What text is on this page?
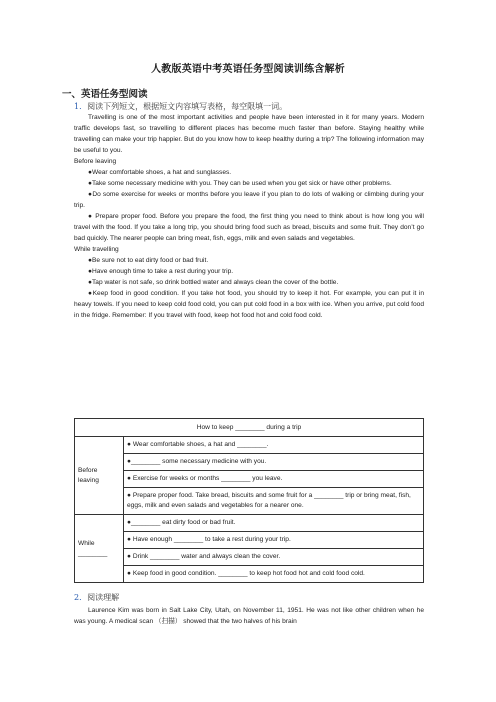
人教版英语中考英语任务型阅读训练含解析
一、英语任务型阅读
1．阅读下列短文，根据短文内容填写表格，每空限填一词。

Travelling is one of the most important activities and people have been interested in it for many years. Modern traffic develops fast, so travelling to different places has become much faster than before. Staying healthy while travelling can make your trip happier. But do you know how to keep healthy during a trip? The following information may be useful to you.

Before leaving

●Wear comfortable shoes, a hat and sunglasses.

●Take some necessary medicine with you. They can be used when you get sick or have other problems.

●Do some exercise for weeks or months before you leave if you plan to do lots of walking or climbing during your trip.

● Prepare proper food. Before you prepare the food, the first thing you need to think about is how long you will travel with the food. If you take a long trip, you should bring food such as bread, biscuits and some fruit. They don’t go bad quickly. The nearer people can bring meat, fish, eggs, milk and even salads and vegetables.

While travelling

●Be sure not to eat dirty food or bad fruit.

●Have enough time to take a rest during your trip.

●Tap water is not safe, so drink bottled water and always clean the cover of the bottle.

●Keep food in good condition. If you take hot food, you should try to keep it hot. For example, you can put it in heavy towels. If you need to keep cold food cold, you can put cold food in a box with ice. When you arrive, put cold food in the fridge. Remember: If you travel with food, keep hot food hot and cold food cold.

How to keep ________ during a trip	
Before leaving	● Wear comfortable shoes, a hat and ________.
	●________ some necessary medicine with you.
	● Exercise for weeks or months ________ you leave.
	● Prepare proper food. Take bread, biscuits and some fruit for a ________ trip or bring meat, fish, eggs, milk and even salads and vegetables for a nearer one.
While ________	●________ eat dirty food or bad fruit.
	● Have enough ________ to take a rest during your trip.
	● Drink ________ water and always clean the cover.
	● Keep food in good condition. ________ to keep hot food hot and cold food cold.
2．阅读理解

Laurence Kim was born in Salt Lake City, Utah, on November 11, 1951. He was not like other children when he was young. A medical scan （扫描） showed that the two halves of his brain
